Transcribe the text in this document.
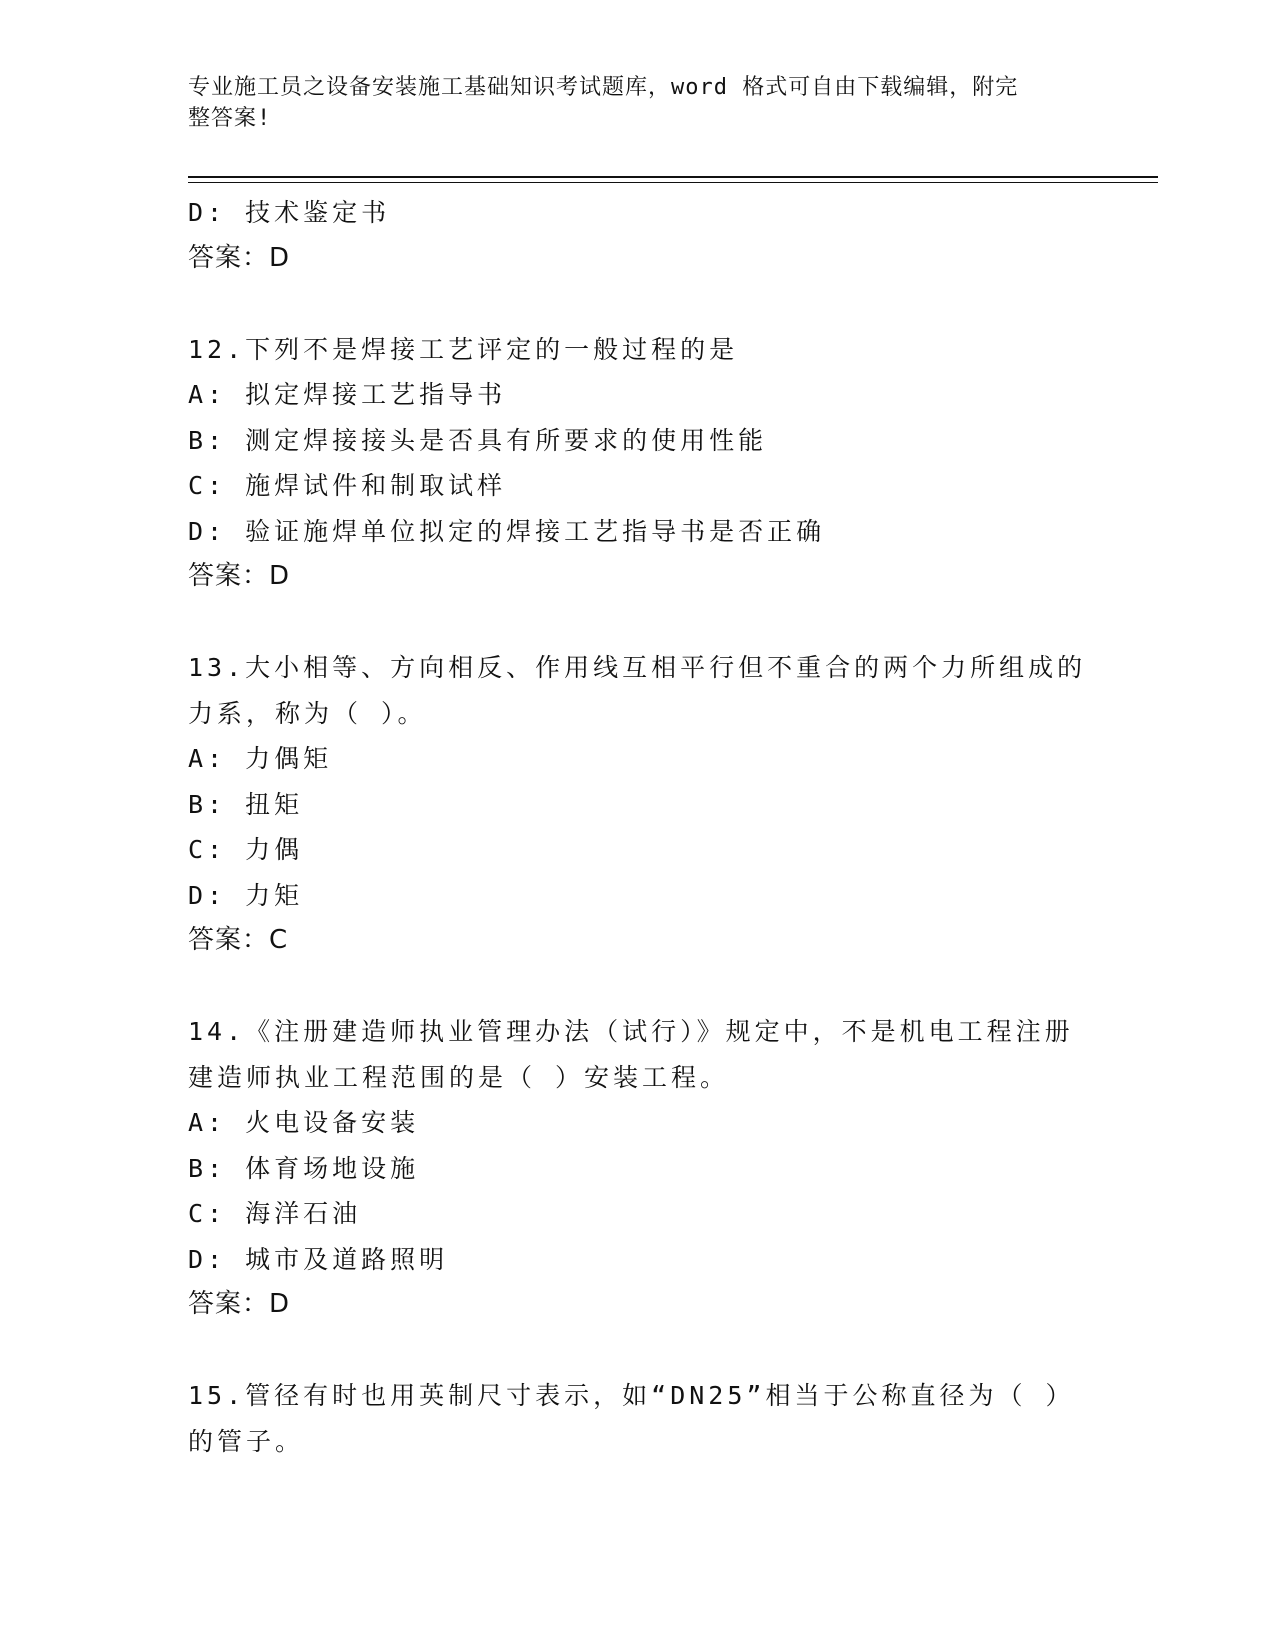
专业施工员之设备安装施工基础知识考试题库，word 格式可自由下载编辑，附完
整答案!
D: 技术鉴定书
答案：D
12.下列不是焊接工艺评定的一般过程的是
A: 拟定焊接工艺指导书
B: 测定焊接接头是否具有所要求的使用性能
C: 施焊试件和制取试样
D: 验证施焊单位拟定的焊接工艺指导书是否正确
答案：D
13.大小相等、方向相反、作用线互相平行但不重合的两个力所组成的
力系，称为（ ）。
A: 力偶矩
B: 扭矩
C: 力偶
D: 力矩
答案：C
14.《注册建造师执业管理办法（试行）》规定中，不是机电工程注册
建造师执业工程范围的是（ ）安装工程。
A: 火电设备安装
B: 体育场地设施
C: 海洋石油
D: 城市及道路照明
答案：D
15.管径有时也用英制尺寸表示，如“DN25”相当于公称直径为（ ）
的管子。
